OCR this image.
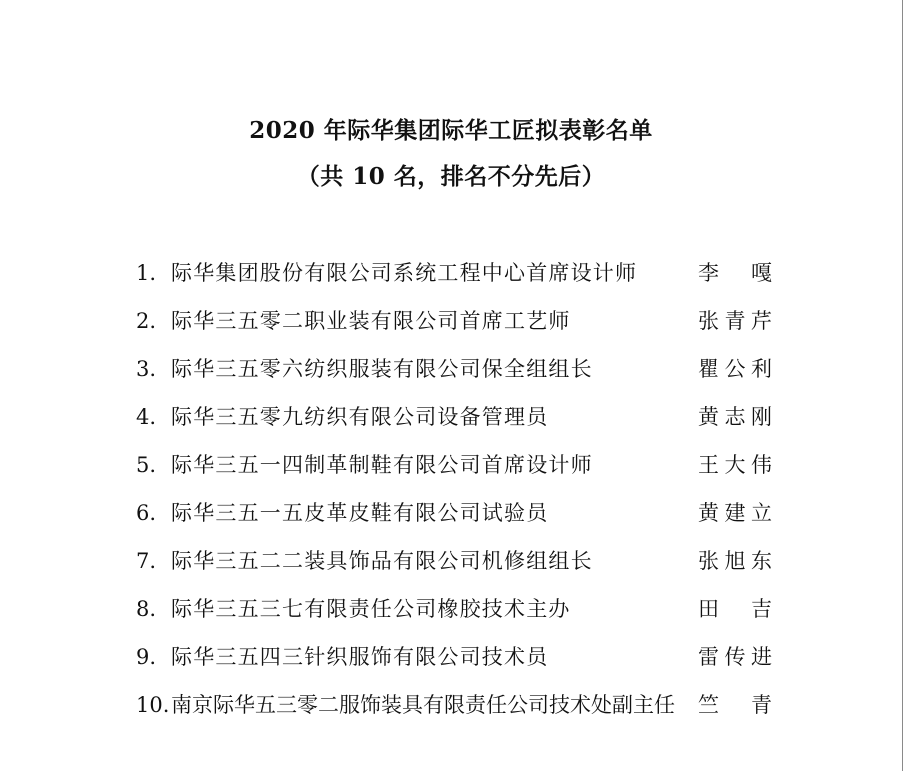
2020 年际华集团际华工匠拟表彰名单
（共 10 名，排名不分先后）
1. 际华集团股份有限公司系统工程中心首席设计师	李 嘎
2. 际华三五零二职业装有限公司首席工艺师	张青芹
3. 际华三五零六纺织服装有限公司保全组组长	瞿公利
4. 际华三五零九纺织有限公司设备管理员	黄志刚
5. 际华三五一四制革制鞋有限公司首席设计师	王大伟
6. 际华三五一五皮革皮鞋有限公司试验员	黄建立
7. 际华三五二二装具饰品有限公司机修组组长	张旭东
8. 际华三五三七有限责任公司橡胶技术主办	田 吉
9. 际华三五四三针织服饰有限公司技术员	雷传进
10. 南京际华五三零二服饰装具有限责任公司技术处副主任 竺 青
